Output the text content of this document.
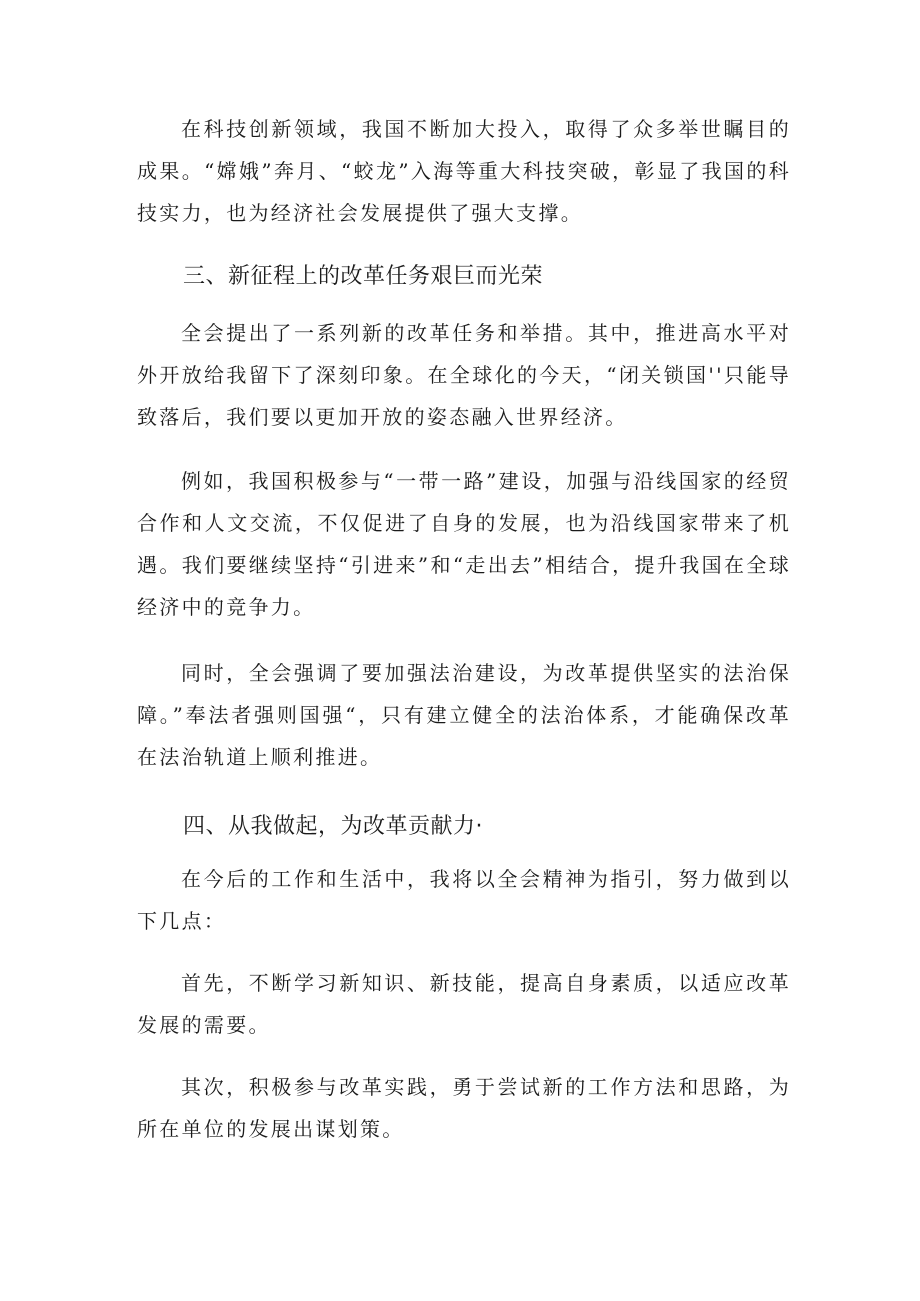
在科技创新领域，我国不断加大投入，取得了众多举世瞩目的成果。“嫦娥”奔月、“蛟龙”入海等重大科技突破，彰显了我国的科技实力，也为经济社会发展提供了强大支撑。

三、新征程上的改革任务艰巨而光荣

全会提出了一系列新的改革任务和举措。其中，推进高水平对外开放给我留下了深刻印象。在全球化的今天，“闭关锁国''只能导致落后，我们要以更加开放的姿态融入世界经济。

例如，我国积极参与“一带一路”建设，加强与沿线国家的经贸合作和人文交流，不仅促进了自身的发展，也为沿线国家带来了机遇。我们要继续坚持“引进来”和“走出去”相结合，提升我国在全球经济中的竞争力。

同时，全会强调了要加强法治建设，为改革提供坚实的法治保障。”奉法者强则国强“，只有建立健全的法治体系，才能确保改革在法治轨道上顺利推进。

四、从我做起，为改革贡献力·

在今后的工作和生活中，我将以全会精神为指引，努力做到以下几点：

首先，不断学习新知识、新技能，提高自身素质，以适应改革发展的需要。

其次，积极参与改革实践，勇于尝试新的工作方法和思路，为所在单位的发展出谋划策。
